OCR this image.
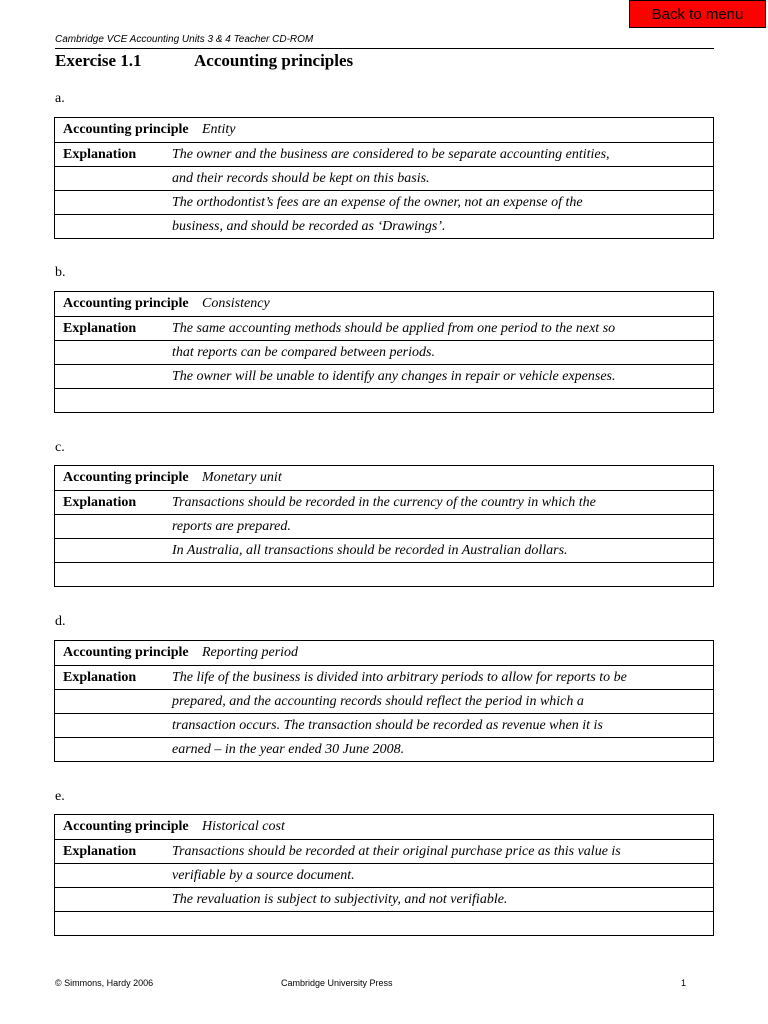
Back to menu
Cambridge VCE Accounting Units 3 & 4 Teacher CD-ROM
Exercise 1.1	Accounting principles
a.
Accounting principle Entity
Explanation	The owner and the business are considered to be separate accounting entities,
and their records should be kept on this basis.
The orthodontist’s fees are an expense of the owner, not an expense of the
business, and should be recorded as ‘Drawings’.
b.
Accounting principle Consistency
Explanation	The same accounting methods should be applied from one period to the next so
that reports can be compared between periods.
The owner will be unable to identify any changes in repair or vehicle expenses.
c.
Accounting principle Monetary unit
Explanation	Transactions should be recorded in the currency of the country in which the
reports are prepared.
In Australia, all transactions should be recorded in Australian dollars.
d.
Accounting principle Reporting period
Explanation	The life of the business is divided into arbitrary periods to allow for reports to be
prepared, and the accounting records should reflect the period in which a
transaction occurs. The transaction should be recorded as revenue when it is
earned – in the year ended 30 June 2008.
e.
Accounting principle Historical cost
Explanation	Transactions should be recorded at their original purchase price as this value is
verifiable by a source document.
The revaluation is subject to subjectivity, and not verifiable.
© Simmons, Hardy 2006	Cambridge University Press	1
